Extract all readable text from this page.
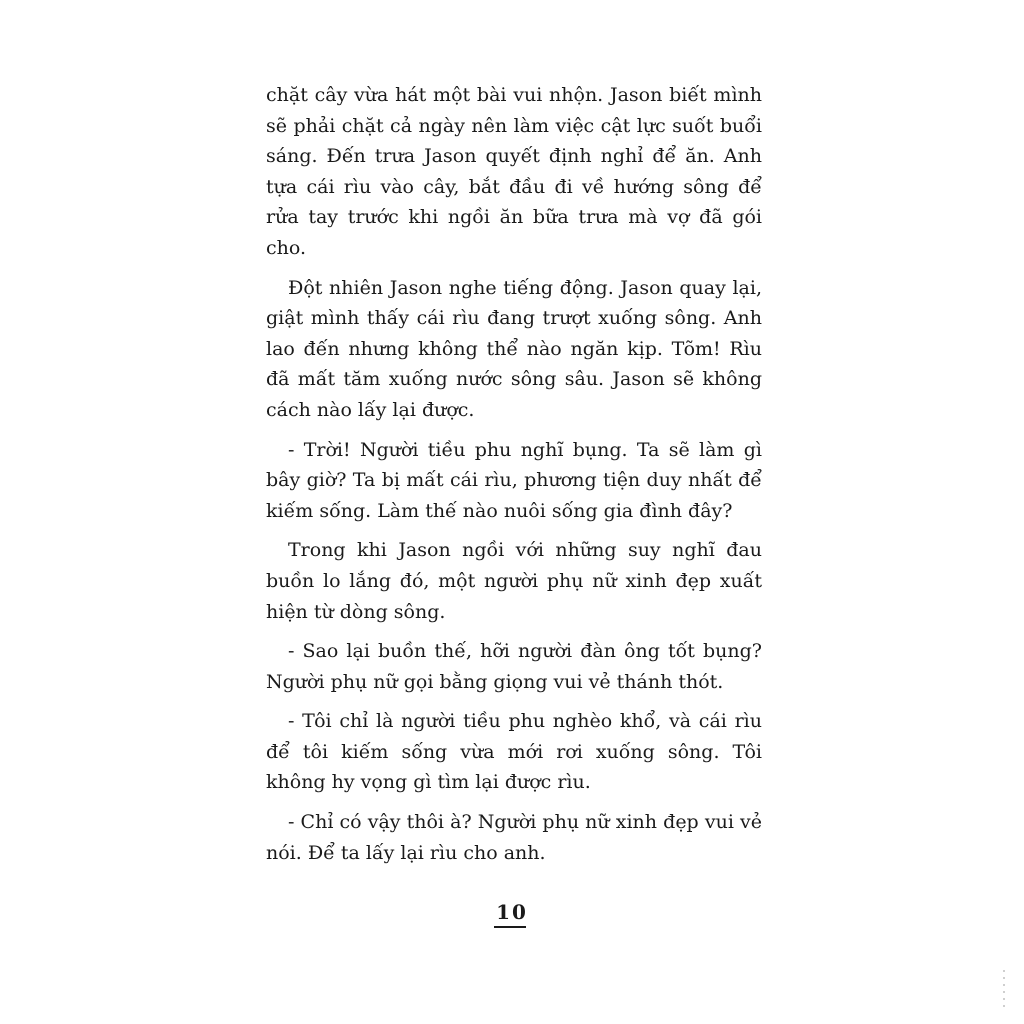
chặt cây vừa hát một bài vui nhộn. Jason biết mình sẽ phải chặt cả ngày nên làm việc cật lực suốt buổi sáng. Đến trưa Jason quyết định nghỉ để ăn. Anh tựa cái rìu vào cây, bắt đầu đi về hướng sông để rửa tay trước khi ngồi ăn bữa trưa mà vợ đã gói cho.

Đột nhiên Jason nghe tiếng động. Jason quay lại, giật mình thấy cái rìu đang trượt xuống sông. Anh lao đến nhưng không thể nào ngăn kịp. Tõm! Rìu đã mất tăm xuống nước sông sâu. Jason sẽ không cách nào lấy lại được.

- Trời! Người tiều phu nghĩ bụng. Ta sẽ làm gì bây giờ? Ta bị mất cái rìu, phương tiện duy nhất để kiếm sống. Làm thế nào nuôi sống gia đình đây?

Trong khi Jason ngồi với những suy nghĩ đau buồn lo lắng đó, một người phụ nữ xinh đẹp xuất hiện từ dòng sông.

- Sao lại buồn thế, hỡi người đàn ông tốt bụng? Người phụ nữ gọi bằng giọng vui vẻ thánh thót.

- Tôi chỉ là người tiều phu nghèo khổ, và cái rìu để tôi kiếm sống vừa mới rơi xuống sông. Tôi không hy vọng gì tìm lại được rìu.

- Chỉ có vậy thôi à? Người phụ nữ xinh đẹp vui vẻ nói. Để ta lấy lại rìu cho anh.

10
